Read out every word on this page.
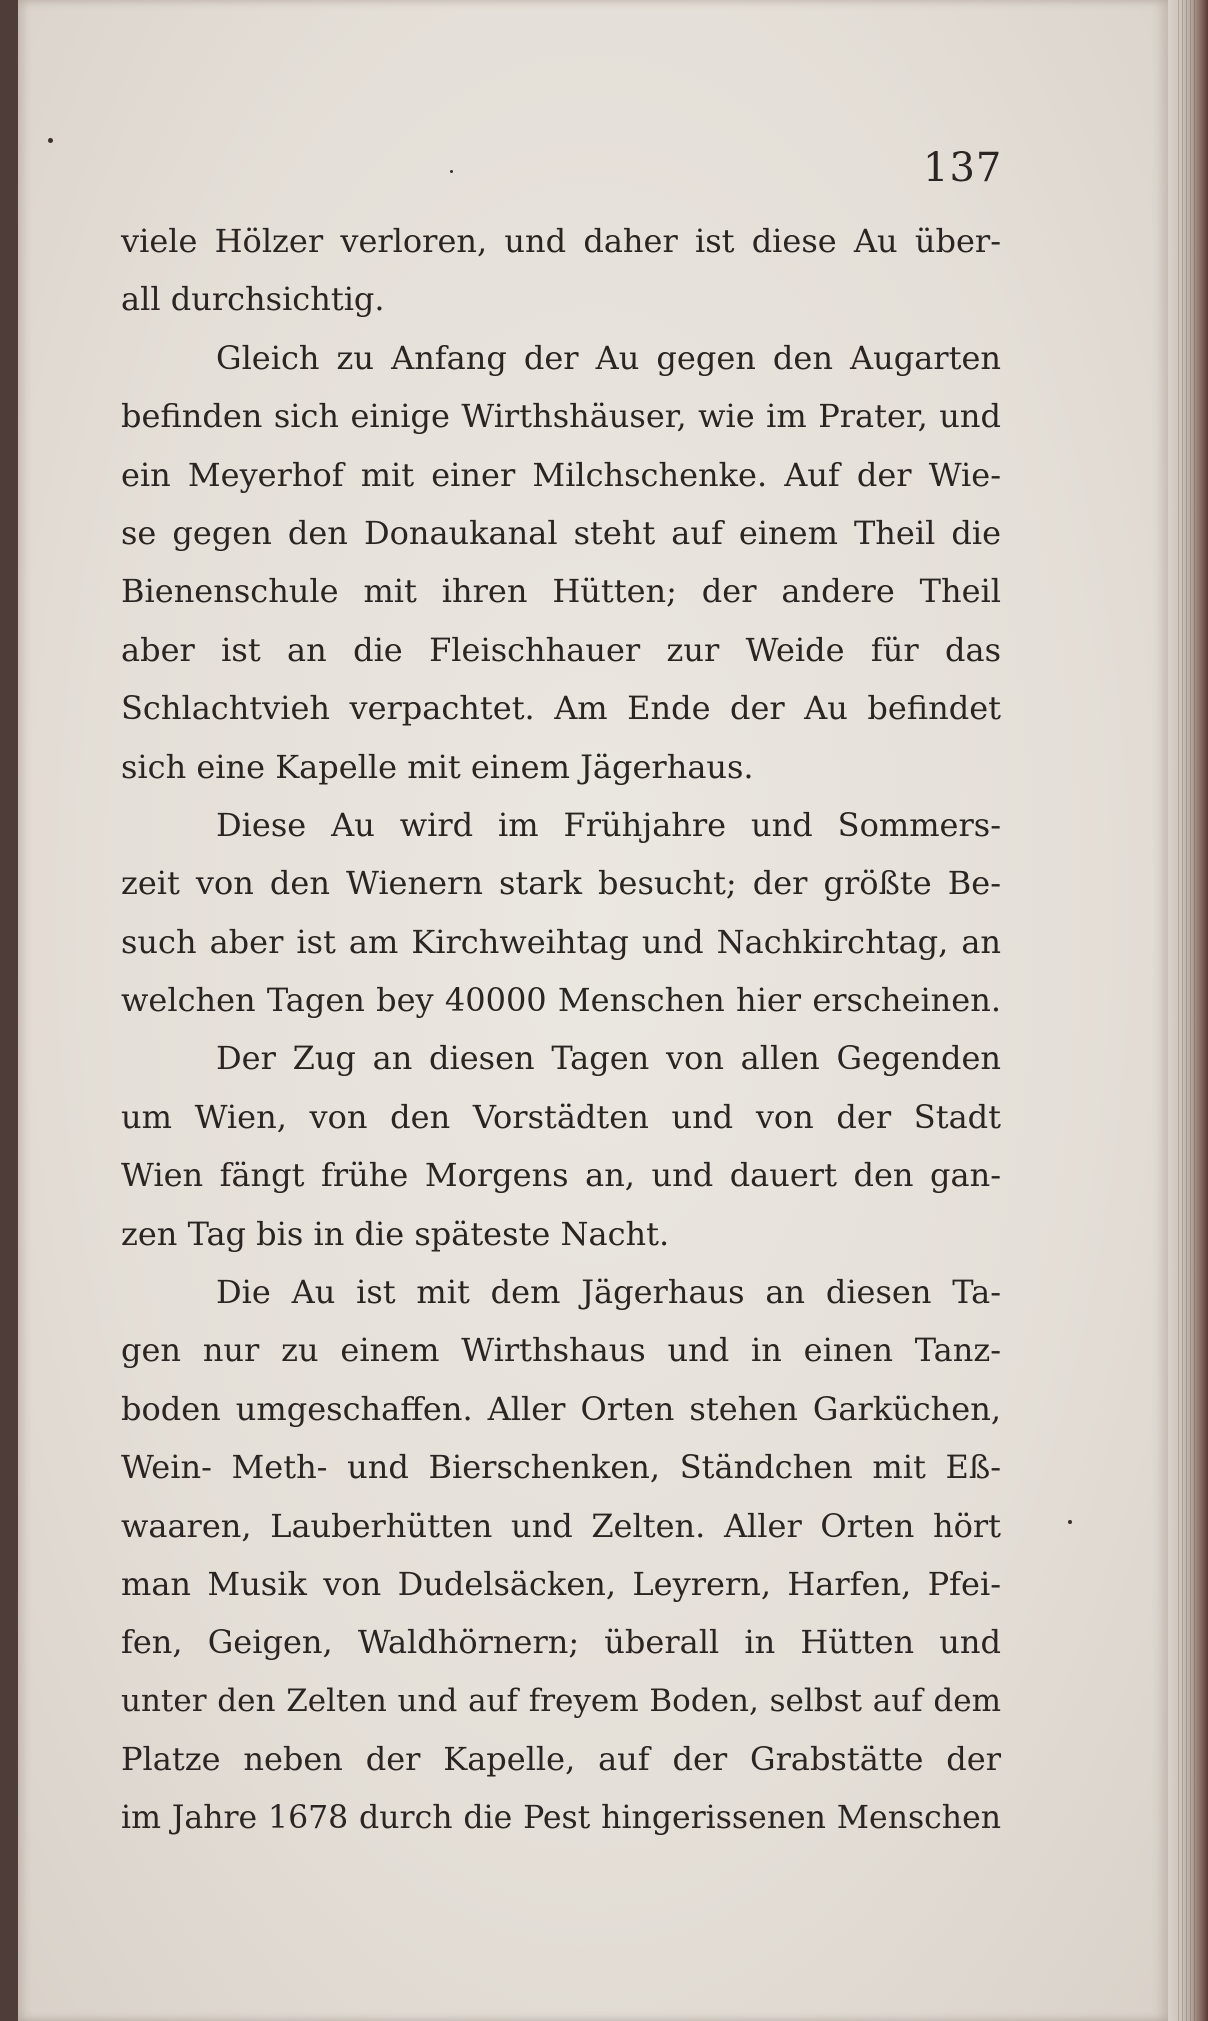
137
viele Hölzer verloren, und daher ist diese Au über-
all durchsichtig.
Gleich zu Anfang der Au gegen den Augarten
befinden sich einige Wirthshäuser, wie im Prater, und
ein Meyerhof mit einer Milchschenke. Auf der Wie-
se gegen den Donaukanal steht auf einem Theil die
Bienenschule mit ihren Hütten; der andere Theil
aber ist an die Fleischhauer zur Weide für das
Schlachtvieh verpachtet. Am Ende der Au befindet
sich eine Kapelle mit einem Jägerhaus.
Diese Au wird im Frühjahre und Sommers-
zeit von den Wienern stark besucht; der größte Be-
such aber ist am Kirchweihtag und Nachkirchtag, an
welchen Tagen bey 40000 Menschen hier erscheinen.
Der Zug an diesen Tagen von allen Gegenden
um Wien, von den Vorstädten und von der Stadt
Wien fängt frühe Morgens an, und dauert den gan-
zen Tag bis in die späteste Nacht.
Die Au ist mit dem Jägerhaus an diesen Ta-
gen nur zu einem Wirthshaus und in einen Tanz-
boden umgeschaffen. Aller Orten stehen Garküchen,
Wein- Meth- und Bierschenken, Ständchen mit Eß-
waaren, Lauberhütten und Zelten. Aller Orten hört
man Musik von Dudelsäcken, Leyrern, Harfen, Pfei-
fen, Geigen, Waldhörnern; überall in Hütten und
unter den Zelten und auf freyem Boden, selbst auf dem
Platze neben der Kapelle, auf der Grabstätte der
im Jahre 1678 durch die Pest hingerissenen Menschen
